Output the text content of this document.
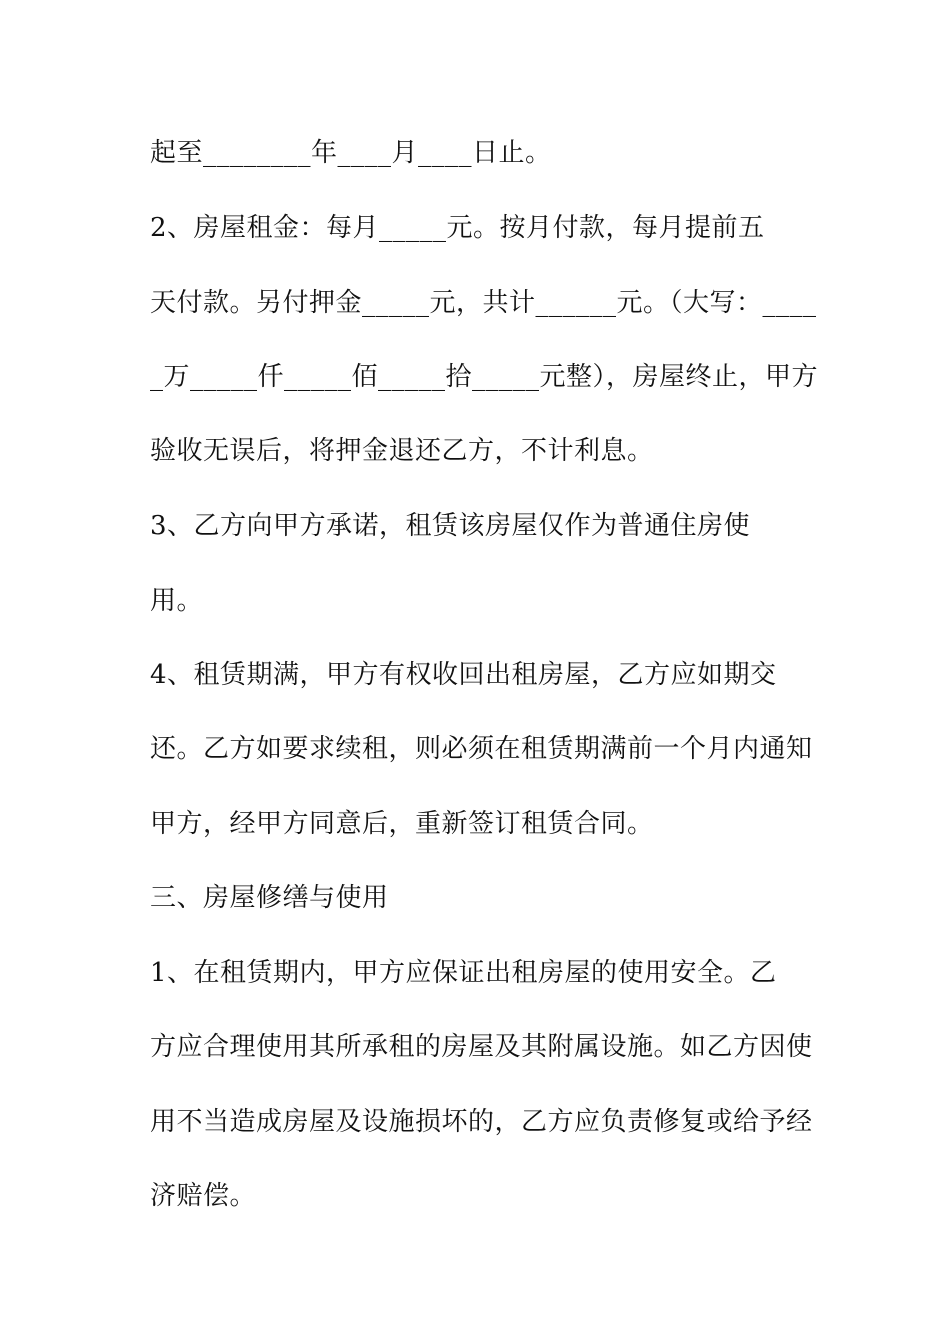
起至________年____月____日止。
2、房屋租金：每月_____元。按月付款，每月提前五
天付款。另付押金_____元，共计______元。（大写：____
_万_____仟_____佰_____拾_____元整），房屋终止，甲方
验收无误后，将押金退还乙方，不计利息。
3、乙方向甲方承诺，租赁该房屋仅作为普通住房使
用。
4、租赁期满，甲方有权收回出租房屋，乙方应如期交
还。乙方如要求续租，则必须在租赁期满前一个月内通知
甲方，经甲方同意后，重新签订租赁合同。
三、房屋修缮与使用
1、在租赁期内，甲方应保证出租房屋的使用安全。乙
方应合理使用其所承租的房屋及其附属设施。如乙方因使
用不当造成房屋及设施损坏的，乙方应负责修复或给予经
济赔偿。
